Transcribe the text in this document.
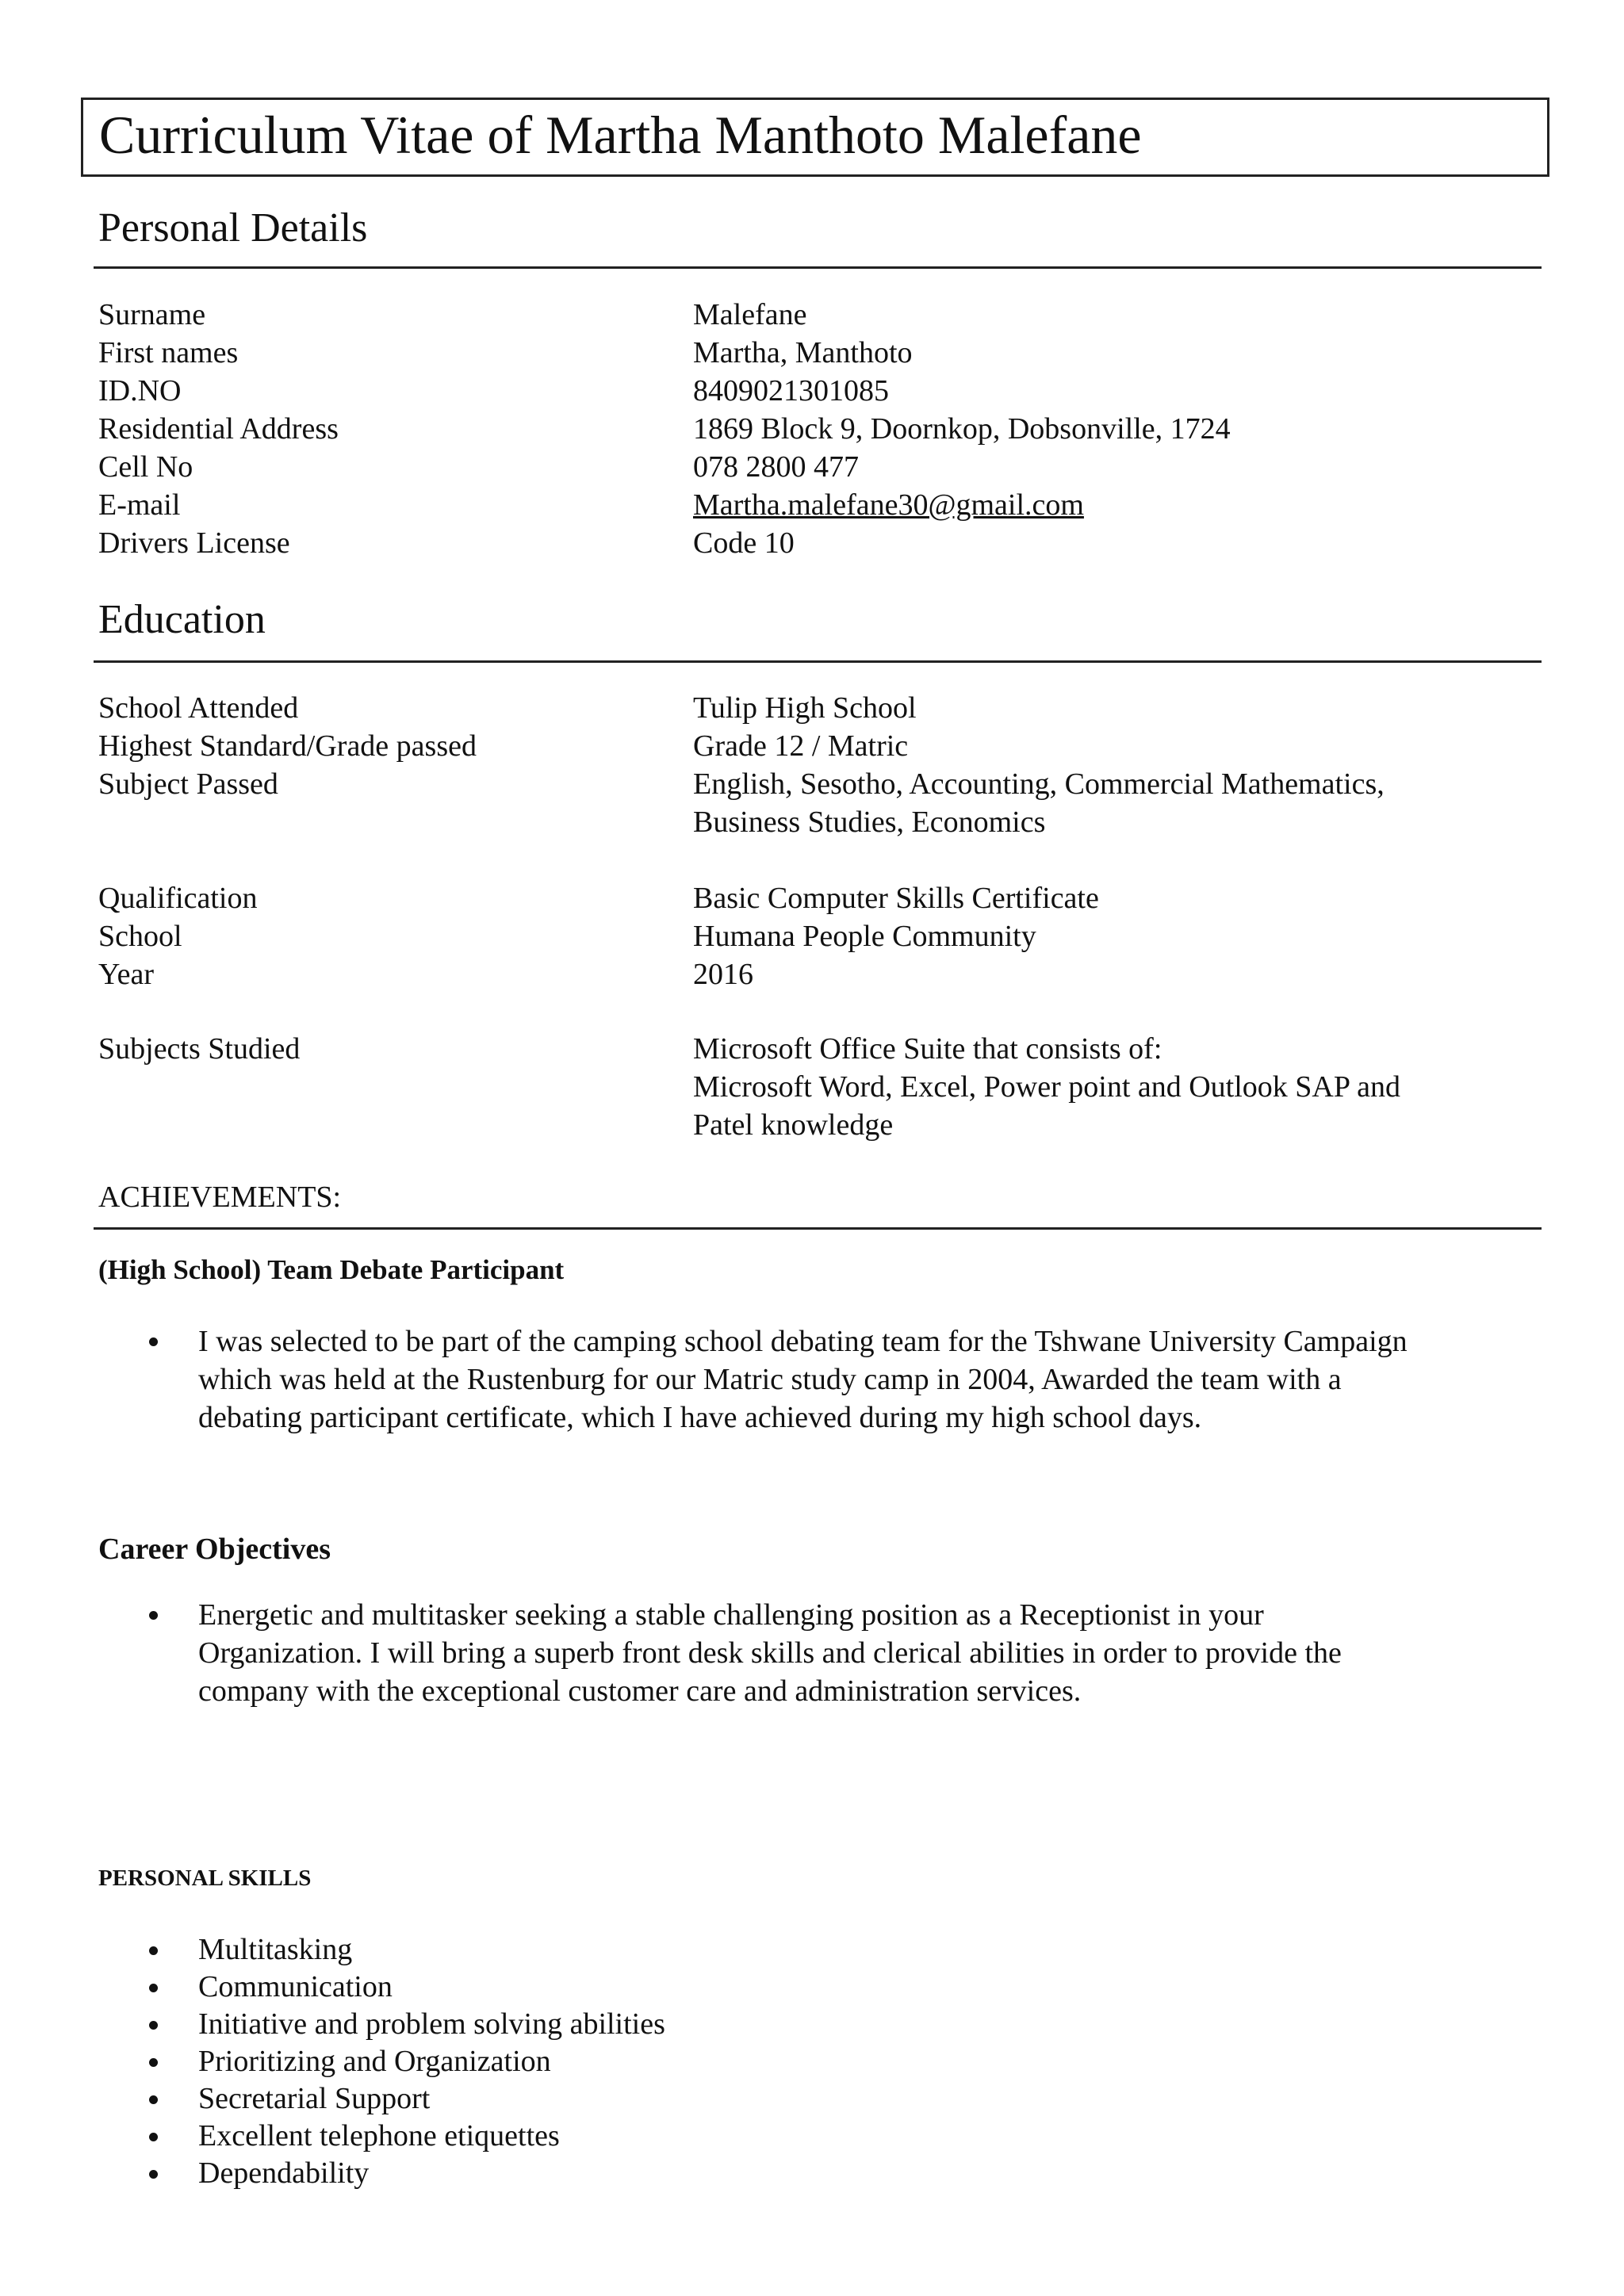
Curriculum Vitae of Martha Manthoto Malefane
Personal Details
Surname	Malefane
First names	Martha, Manthoto
ID.NO	8409021301085
Residential Address	1869 Block 9, Doornkop, Dobsonville, 1724
Cell No	078 2800 477
E-mail	Martha.malefane30@gmail.com
Drivers License	Code 10
Education
School Attended	Tulip High School
Highest Standard/Grade passed	Grade 12 / Matric
Subject Passed	English, Sesotho, Accounting, Commercial Mathematics,
Business Studies, Economics
Qualification	Basic Computer Skills Certificate
School	Humana People Community
Year	2016
Subjects Studied	Microsoft Office Suite that consists of:
Microsoft Word, Excel, Power point and Outlook SAP and
Patel knowledge
ACHIEVEMENTS:
(High School) Team Debate Participant
I was selected to be part of the camping school debating team for the Tshwane University Campaign
which was held at the Rustenburg for our Matric study camp in 2004, Awarded the team with a
debating participant certificate, which I have achieved during my high school days.
Career Objectives
Energetic and multitasker seeking a stable challenging position as a Receptionist in your
Organization. I will bring a superb front desk skills and clerical abilities in order to provide the
company with the exceptional customer care and administration services.
PERSONAL SKILLS
Multitasking
Communication
Initiative and problem solving abilities
Prioritizing and Organization
Secretarial Support
Excellent telephone etiquettes
Dependability
